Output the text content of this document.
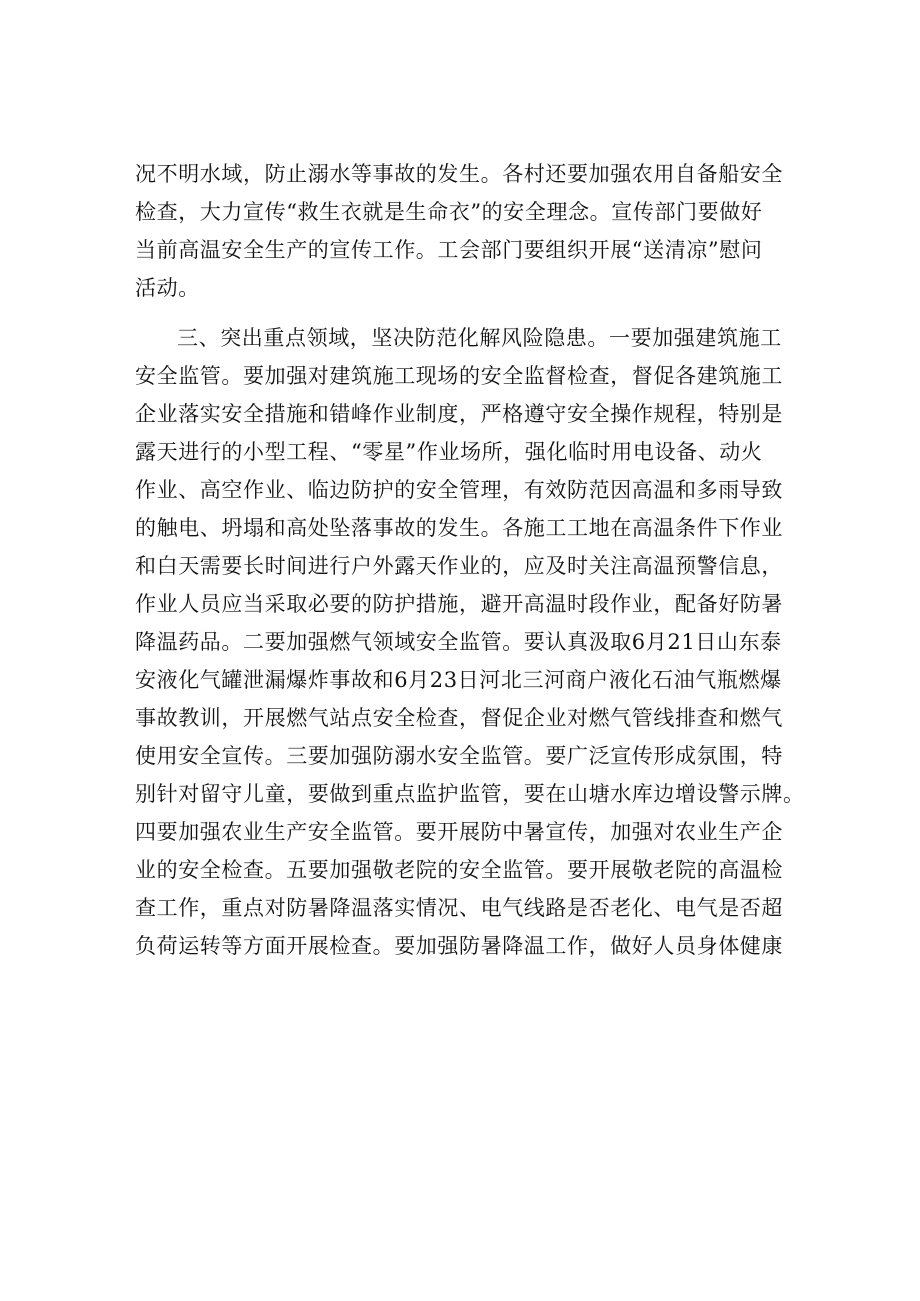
况不明水域，防止溺水等事故的发生。各村还要加强农用自备船安全
检查，大力宣传“救生衣就是生命衣”的安全理念。宣传部门要做好
当前高温安全生产的宣传工作。工会部门要组织开展“送清凉”慰问
活动。
三、突出重点领域，坚决防范化解风险隐患。一要加强建筑施工
安全监管。要加强对建筑施工现场的安全监督检查，督促各建筑施工
企业落实安全措施和错峰作业制度，严格遵守安全操作规程，特别是
露天进行的小型工程、“零星”作业场所，强化临时用电设备、动火
作业、高空作业、临边防护的安全管理，有效防范因高温和多雨导致
的触电、坍塌和高处坠落事故的发生。各施工工地在高温条件下作业
和白天需要长时间进行户外露天作业的，应及时关注高温预警信息，
作业人员应当采取必要的防护措施，避开高温时段作业，配备好防暑
降温药品。二要加强燃气领域安全监管。要认真汲取6月21日山东泰
安液化气罐泄漏爆炸事故和6月23日河北三河商户液化石油气瓶燃爆
事故教训，开展燃气站点安全检查，督促企业对燃气管线排查和燃气
使用安全宣传。三要加强防溺水安全监管。要广泛宣传形成氛围，特
别针对留守儿童，要做到重点监护监管，要在山塘水库边增设警示牌。
四要加强农业生产安全监管。要开展防中暑宣传，加强对农业生产企
业的安全检查。五要加强敬老院的安全监管。要开展敬老院的高温检
查工作，重点对防暑降温落实情况、电气线路是否老化、电气是否超
负荷运转等方面开展检查。要加强防暑降温工作，做好人员身体健康
